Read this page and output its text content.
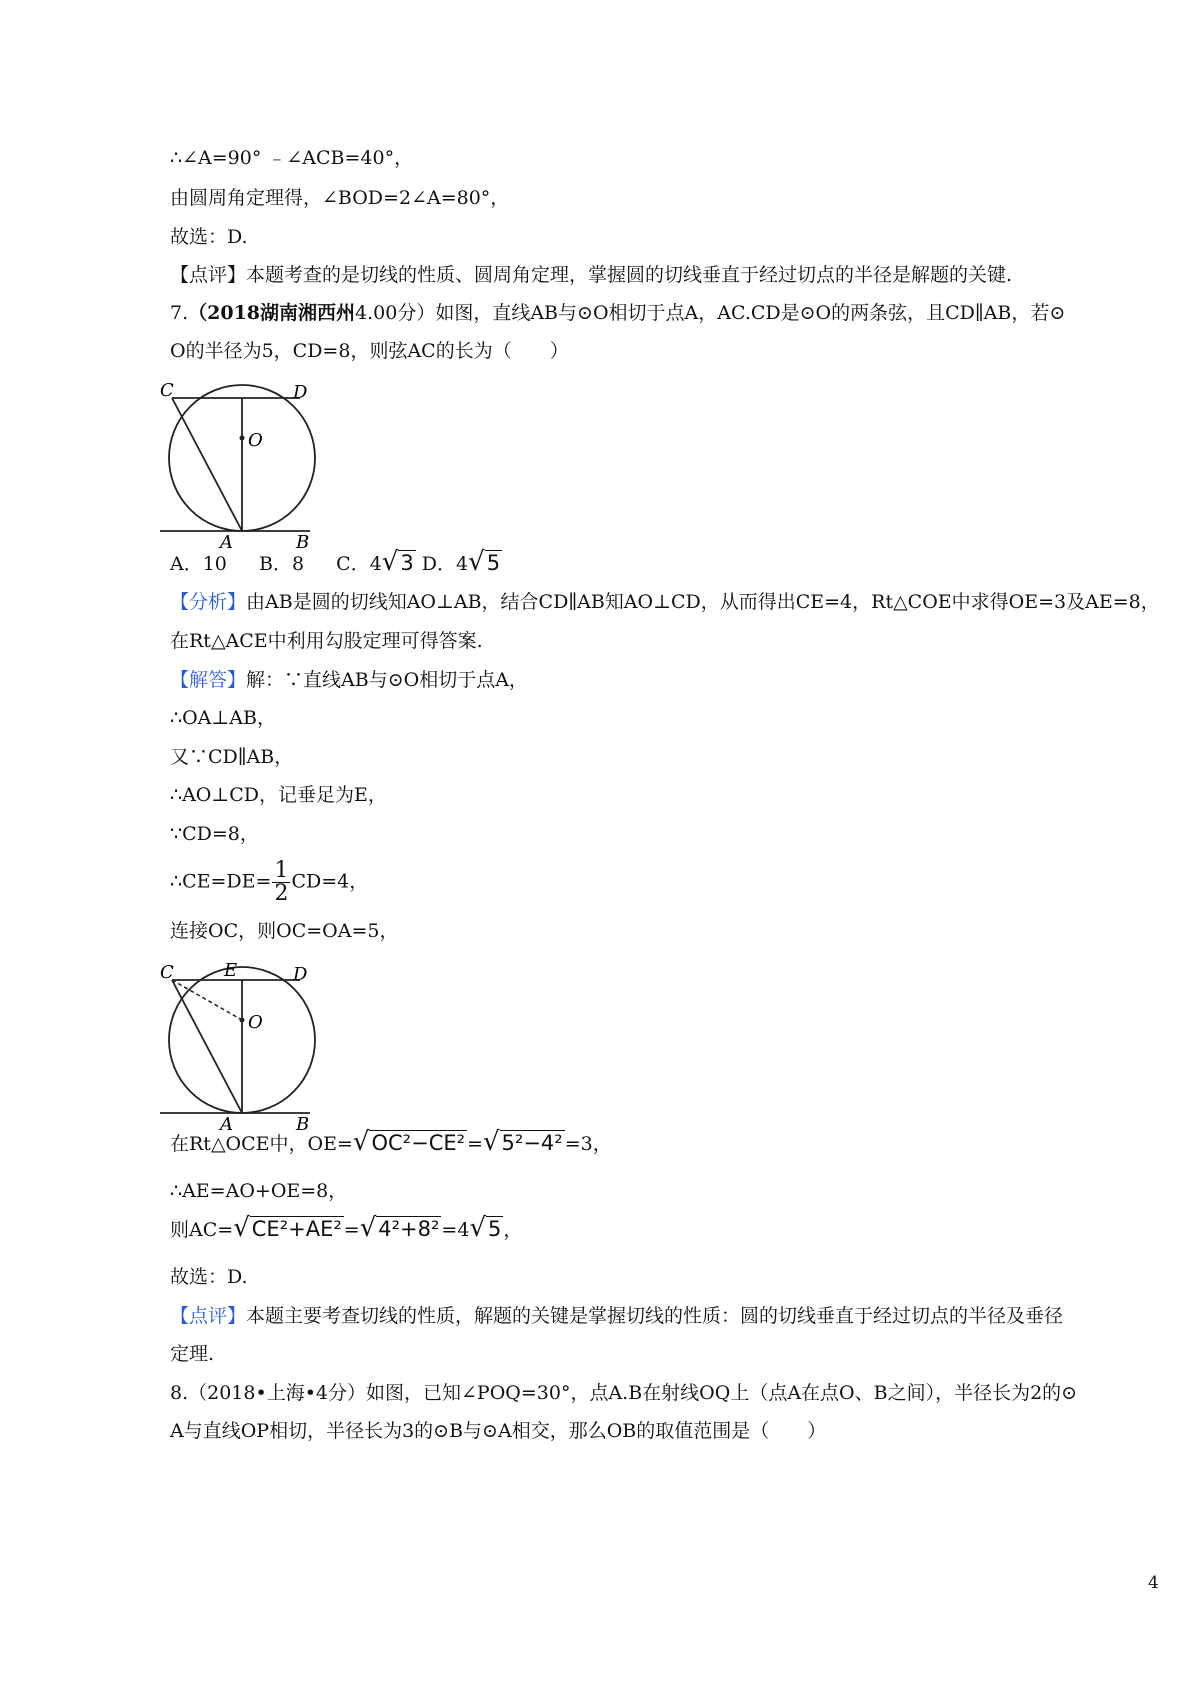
∴∠A=90° ﹣∠ACB=40°，
由圆周角定理得，∠BOD=2∠A=80°，
故选：D.
【点评】本题考查的是切线的性质、圆周角定理，掌握圆的切线垂直于经过切点的半径是解题的关键.
7.（2018湖南湘西州4.00分）如图，直线AB与⊙O相切于点A，AC.CD是⊙O的两条弦，且CD∥AB，若⊙
O的半径为5，CD=8，则弦AC的长为（　　）
C	D
O
A	B
A．10 B．8 C．4√3 D．4√5
【分析】由AB是圆的切线知AO⊥AB，结合CD∥AB知AO⊥CD，从而得出CE=4，Rt△COE中求得OE=3及AE=8，
在Rt△ACE中利用勾股定理可得答案.
【解答】解：∵直线AB与⊙O相切于点A，
∴OA⊥AB，
又∵CD∥AB，
∴AO⊥CD，记垂足为E，
∵CD=8，
∴CE=DE= $\frac{1}{2} CD=4$，
连接OC，则OC=OA=5，
C	E	D
O
A	B
在Rt△OCE中，OE=√OC²−CE² =√5²−4² =3，
∴AE=AO+OE=8，
则AC=√CE²+AE² =√4²+8² =4√5 ，
故选：D.
【点评】本题主要考查切线的性质，解题的关键是掌握切线的性质：圆的切线垂直于经过切点的半径及垂径
定理.
8.（2018•上海•4分）如图，已知∠POQ=30°，点A.B在射线OQ上（点A在点O、B之间），半径长为2的⊙
A与直线OP相切，半径长为3的⊙B与⊙A相交，那么OB的取值范围是（　　）
4
